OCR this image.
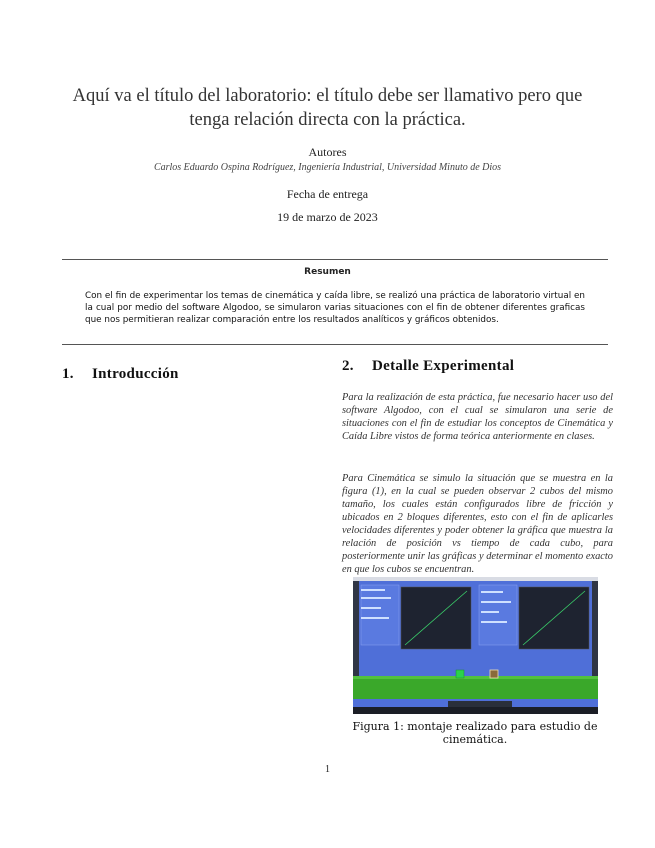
Aquí va el título del laboratorio: el título debe ser llamativo pero que tenga relación directa con la práctica.
Autores
Carlos Eduardo Ospina Rodríguez, Ingeniería Industrial, Universidad Minuto de Dios
Fecha de entrega
19 de marzo de 2023
Resumen
Con el fin de experimentar los temas de cinemática y caída libre, se realizó una práctica de laboratorio virtual en la cual por medio del software Algodoo, se simularon varias situaciones con el fin de obtener diferentes graficas que nos permitieran realizar comparación entre los resultados analíticos y gráficos obtenidos.
1. Introducción	2. Detalle Experimental
Para la realización de esta práctica, fue necesario hacer uso del software Algodoo, con el cual se simularon una serie de situaciones con el fin de estudiar los conceptos de Cinemática y Caída Libre vistos de forma teórica anteriormente en clases.
Para Cinemática se simulo la situación que se muestra en la figura (1), en la cual se pueden observar 2 cubos del mismo tamaño, los cuales están configurados libre de fricción y ubicados en 2 bloques diferentes, esto con el fin de aplicarles velocidades diferentes y poder obtener la gráfica que muestra la relación de posición vs tiempo de cada cubo, para posteriormente unir las gráficas y determinar el momento exacto en que los cubos se encuentran.
Figura 1: montaje realizado para estudio de cinemática.
1
